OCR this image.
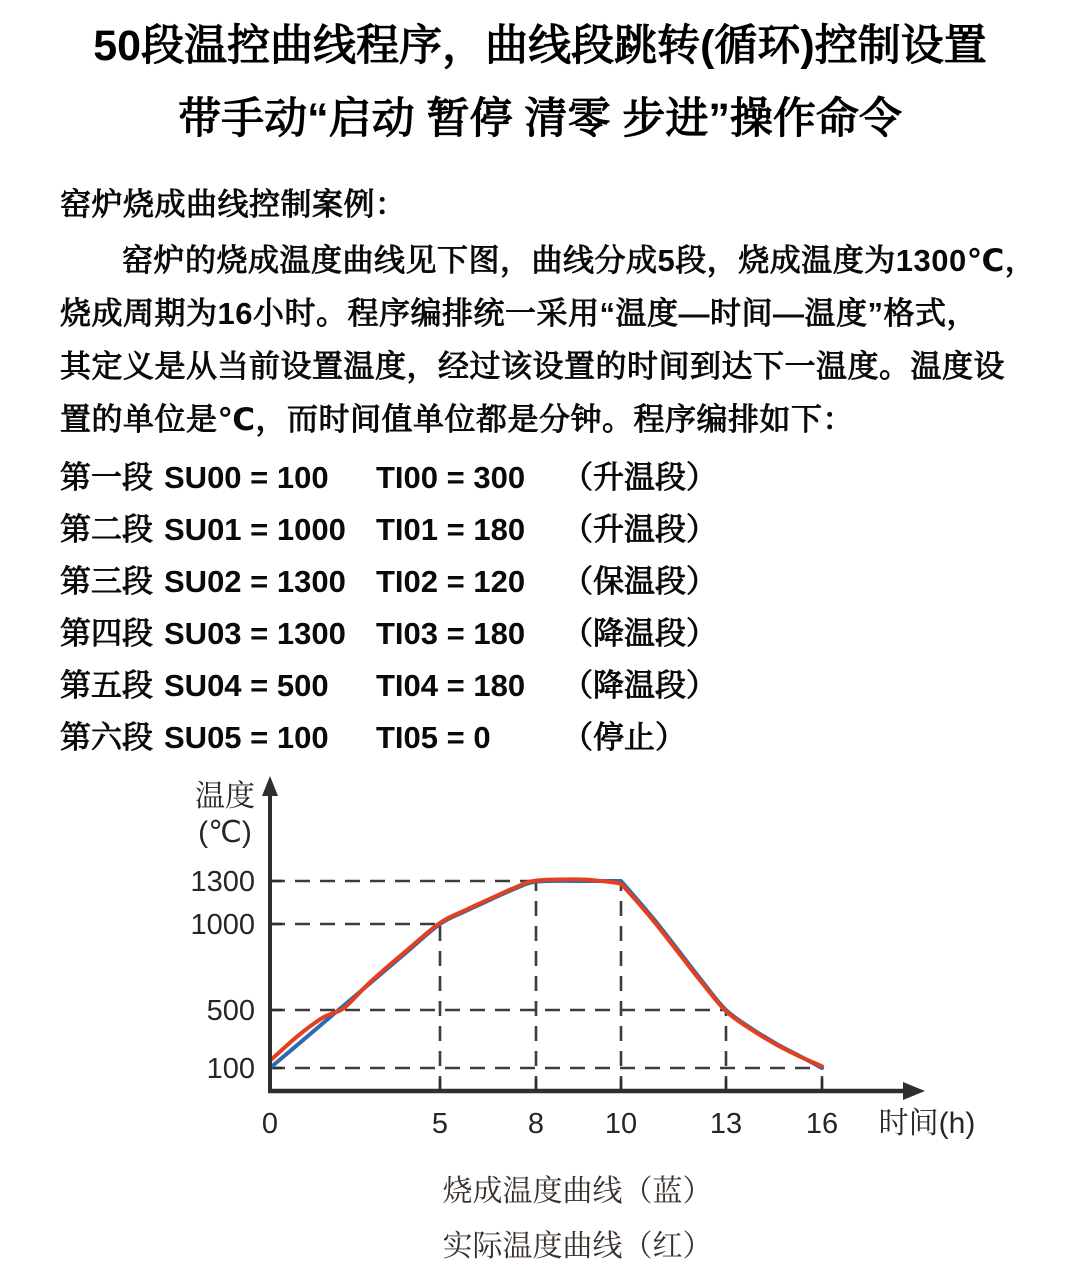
50段温控曲线程序，曲线段跳转(循环)控制设置
带手动“启动 暂停 清零 步进”操作命令
窑炉烧成曲线控制案例：
窑炉的烧成温度曲线见下图，曲线分成5段，烧成温度为1300℃，
烧成周期为16小时。程序编排统一采用“温度—时间—温度”格式，
其定义是从当前设置温度，经过该设置的时间到达下一温度。温度设
置的单位是℃，而时间值单位都是分钟。程序编排如下：
第一段 SU00 = 100 TI00 = 300 （升温段）
第二段 SU01 = 1000 TI01 = 180 （升温段）
第三段 SU02 = 1300 TI02 = 120 （保温段）
第四段 SU03 = 1300 TI03 = 180 （降温段）
第五段 SU04 = 500 TI04 = 180 （降温段）
第六段 SU05 = 100 TI05 = 0 （停止）
1300
1000
500
100
0	5	8 10	13 16 时间(h)
温度
(℃)
烧成温度曲线（蓝）
实际温度曲线（红）
